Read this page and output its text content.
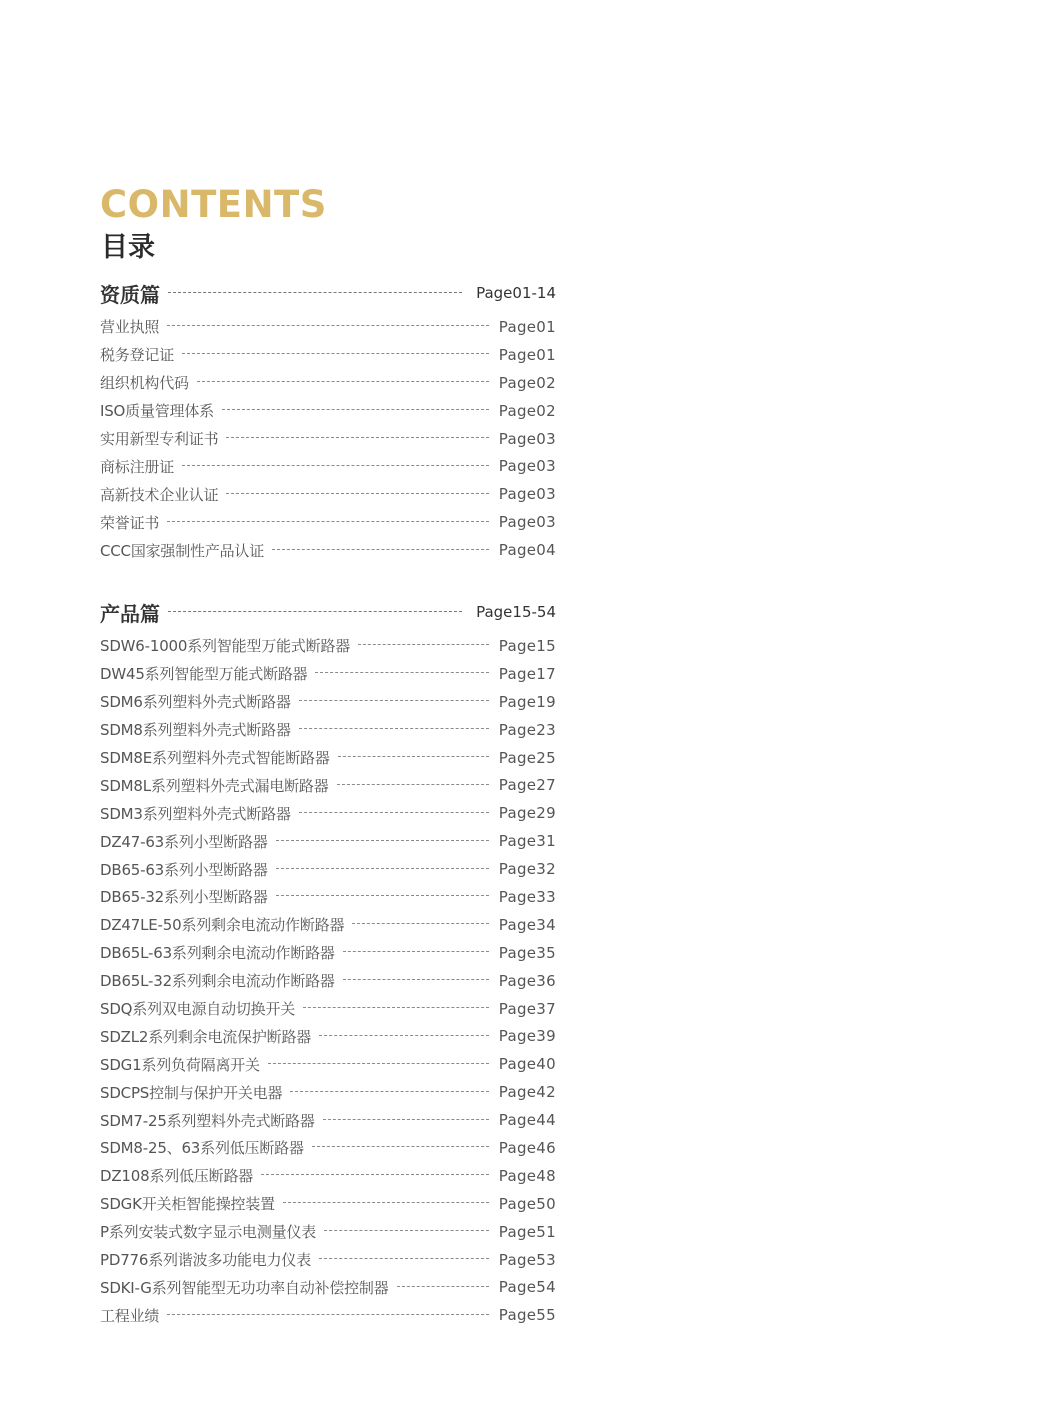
CONTENTS
目录
资质篇	Page01-14
营业执照	Page01
税务登记证	Page01
组织机构代码	Page02
ISO质量管理体系	Page02
实用新型专利证书	Page03
商标注册证	Page03
高新技术企业认证	Page03
荣誉证书	Page03
CCC国家强制性产品认证	Page04
产品篇	Page15-54
SDW6-1000系列智能型万能式断路器	Page15
DW45系列智能型万能式断路器	Page17
SDM6系列塑料外壳式断路器	Page19
SDM8系列塑料外壳式断路器	Page23
SDM8E系列塑料外壳式智能断路器	Page25
SDM8L系列塑料外壳式漏电断路器	Page27
SDM3系列塑料外壳式断路器	Page29
DZ47-63系列小型断路器	Page31
DB65-63系列小型断路器	Page32
DB65-32系列小型断路器	Page33
DZ47LE-50系列剩余电流动作断路器	Page34
DB65L-63系列剩余电流动作断路器	Page35
DB65L-32系列剩余电流动作断路器	Page36
SDQ系列双电源自动切换开关	Page37
SDZL2系列剩余电流保护断路器	Page39
SDG1系列负荷隔离开关	Page40
SDCPS控制与保护开关电器	Page42
SDM7-25系列塑料外壳式断路器	Page44
SDM8-25、63系列低压断路器	Page46
DZ108系列低压断路器	Page48
SDGK开关柜智能操控装置	Page50
P系列安装式数字显示电测量仪表	Page51
PD776系列谐波多功能电力仪表	Page53
SDKI-G系列智能型无功功率自动补偿控制器	Page54
工程业绩	Page55
